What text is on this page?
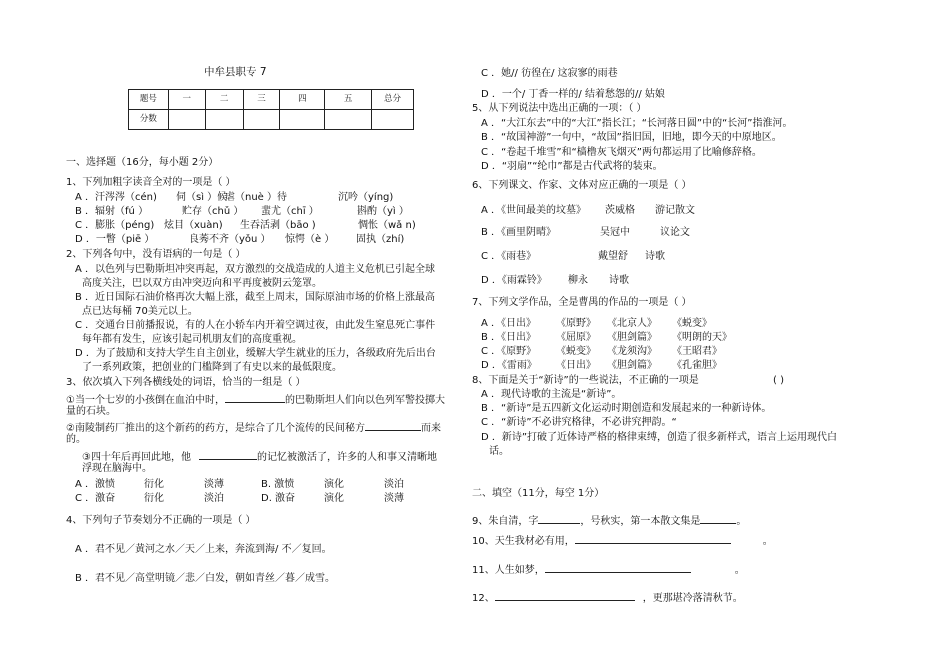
中牟县职专 7
题号	一	二	三	四	五	总分
分数						
一、选择题（16分，每小题 2分）
1、下列加粗字读音全对的一项是（ ）
A ．汗涔涔（cén) 伺（sì ）候
虐（nuè ）待	沉吟（yíng)
B ．辐射（fú ）	贮存（chǔ ） 蜚尤（chī ）	斟酌（yì ）
C ．膨胀（péng) 炫目（xuàn) 生吞活剥（bāo )	惆怅（wǎ n)
D ．一瞥（piē ）	良莠不齐（yǒu ） 惊愕（è ） 固执（zhí)
2、下列各句中，没有语病的一句是（ ）
A ．以色列与巴勒斯坦冲突再起，双方激烈的交战造成的人道主义危机已引起全球
高度关注，巴以双方由冲突迈向和平再度被阴云笼罩。
B ．近日国际石油价格再次大幅上涨，截至上周末，国际原油市场的价格上涨最高
点已达每桶 70美元以上。
C ．交通台日前播报说，有的人在小轿车内开着空调过夜，由此发生窒息死亡事件
每年都有发生，应该引起司机朋友们的高度重视。
D ．为了鼓励和支持大学生自主创业，缓解大学生就业的压力，各级政府先后出台
了一系列政策，把创业的门槛降到了有史以来的最低限度。
3、依次填入下列各横线处的词语，恰当的一组是（ ）
①当一个七岁的小孩倒在血泊中时，	的巴勒斯坦人们向以色列军警投掷大
量的石块。
②南陵制药厂推出的这个新药的药方，是综合了几个流传的民间秘方	而来
的。
③四十年后再回此地，他	的记忆被激活了，许多的人和事又清晰地
浮现在脑海中。
A ．激愤	衍化	淡薄	B. 激愤	演化	淡泊
C ．激奋	衍化	淡泊	D. 激奋	演化	淡薄
4、下列句子节奏划分不正确的一项是（ ）
A ．君不见／黄河之水／天／上来，奔流到海/ 不／复回。
B ．君不见／高堂明镜／悲／白发，朝如青丝／暮／成雪。
C ．她// 彷徨在/ 这寂寥的雨巷
D ．一个/ 丁香一样的/ 结着愁怨的// 姑娘
5、从下列说法中选出正确的一项：（ ）
A ．“大江东去”中的“大江”指长江；“长河落日圆”中的“长河”指淮河。
B ．“故国神游”一句中，“故国”指旧国，旧地，即今天的中原地区。
C ．“卷起千堆雪”和“樯橹灰飞烟灭”两句都运用了比喻修辞格。
D ．“羽扇”“纶巾”都是古代武将的装束。
6、下列课文、作家、文体对应正确的一项是（ ）
A ．《世间最美的坟墓》 茨威格 游记散文
B ．《画里阴晴》	吴冠中	议论文
C ．《雨巷》	戴望舒 诗歌
D ．《雨霖铃》 柳永 诗歌
7、下列文学作品，全是曹禺的作品的一项是（ ）
A ．《日出》 《原野》 《北京人》 《蜕变》
B ．《日出》 《屈原》 《胆剑篇》 《明朗的天》
C ．《原野》 《蜕变》 《龙须沟》 《王昭君》
D ．《雷雨》 《日出》 《胆剑篇》 《孔雀胆》
8、下面是关于“新诗”的一些说法，不正确的一项是	( )
A ．现代诗歌的主流是“新诗”。
B ．“新诗”是五四新文化运动时期创造和发展起来的一种新诗体。
C ．“新诗”不必讲究格律，不必讲究押韵。“
D ．新诗”打破了近体诗严格的格律束缚，创造了很多新样式，语言上运用现代白
话。
二、填空（11分，每空 1分）
9、朱自清，字	，号秋实，第一本散文集是	。
10、天生我材必有用，	。
11、人生如梦，	。
12、	，更那堪冷落清秋节。
